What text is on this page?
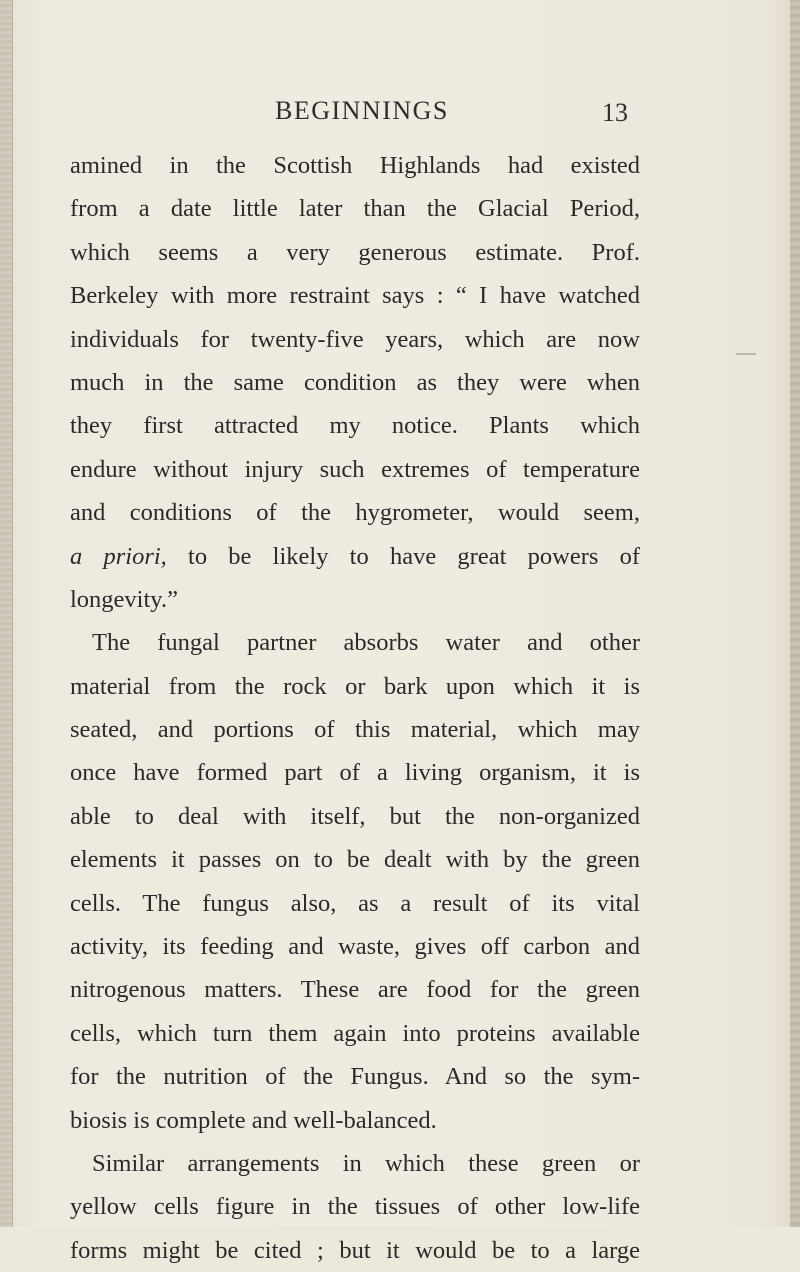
BEGINNINGS	13
amined in the Scottish Highlands had existed
from a date little later than the Glacial Period,
which seems a very generous estimate. Prof.
Berkeley with more restraint says : “ I have watched
individuals for twenty-five years, which are now
much in the same condition as they were when
they first attracted my notice. Plants which
endure without injury such extremes of temperature
and conditions of the hygrometer, would seem,
a priori, to be likely to have great powers of
longevity.”
The fungal partner absorbs water and other
material from the rock or bark upon which it is
seated, and portions of this material, which may
once have formed part of a living organism, it is
able to deal with itself, but the non-organized
elements it passes on to be dealt with by the green
cells. The fungus also, as a result of its vital
activity, its feeding and waste, gives off carbon and
nitrogenous matters. These are food for the green
cells, which turn them again into proteins available
for the nutrition of the Fungus. And so the sym-
biosis is complete and well-balanced.
Similar arrangements in which these green or
yellow cells figure in the tissues of other low-life
forms might be cited ; but it would be to a large
